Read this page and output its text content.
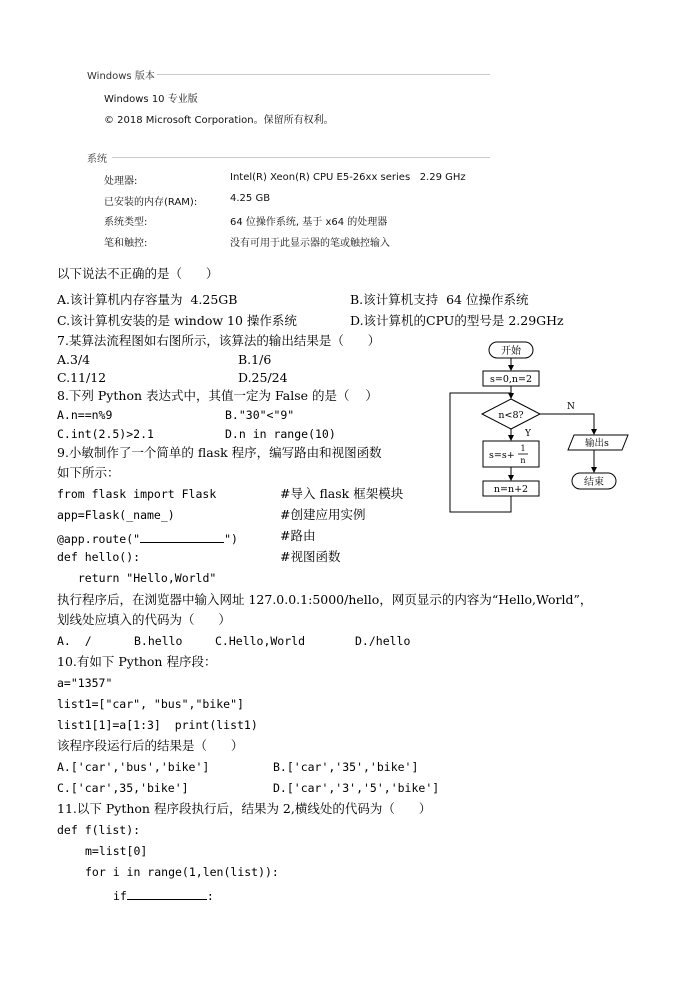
Windows 版本
Windows 10 专业版
© 2018 Microsoft Corporation。保留所有权利。
系统
处理器:	Intel(R) Xeon(R) CPU E5-26xx series   2.29 GHz
已安装的内存(RAM):	4.25 GB
系统类型:	64 位操作系统, 基于 x64 的处理器
笔和触控:	没有可用于此显示器的笔或触控输入
以下说法不正确的是（      ）
A.该计算机内存容量为  4.25GB	B.该计算机支持  64 位操作系统
C.该计算机安装的是 window 10 操作系统	D.该计算机的CPU的型号是 2.29GHz
7.某算法流程图如右图所示，该算法的输出结果是（      ）
A.3/4	B.1/6
C.11/12	D.25/24
开始
s=0,n=2
n<8?
Y
s=s+
1
n
n=n+2
N
输出s
结束
8.下列 Python 表达式中，其值一定为 False 的是（    ）
A.n==n%9	B."30"<"9"
C.int(2.5)>2.1	D.n in range(10)
9.小敏制作了一个简单的 flask 程序，编写路由和视图函数
如下所示：
from flask import Flask	#导入 flask 框架模块
app=Flask(_name_)	#创建应用实例
@app.route("	")	#路由
def hello():	#视图函数
return "Hello,World"
执行程序后，在浏览器中输入网址 127.0.0.1:5000/hello，网页显示的内容为“Hello,World”，
划线处应填入的代码为（      ）
A.  /	B.hello	C.Hello,World	D./hello
10.有如下 Python 程序段：
a="1357"
list1=["car", "bus","bike"]
list1[1]=a[1:3]  print(list1)
该程序段运行后的结果是（      ）
A.['car','bus','bike']	B.['car','35','bike']
C.['car',35,'bike']	D.['car','3','5','bike']
11.以下 Python 程序段执行后，结果为 2,横线处的代码为（      ）
def f(list):
m=list[0]
for i in range(1,len(list)):
if	:
